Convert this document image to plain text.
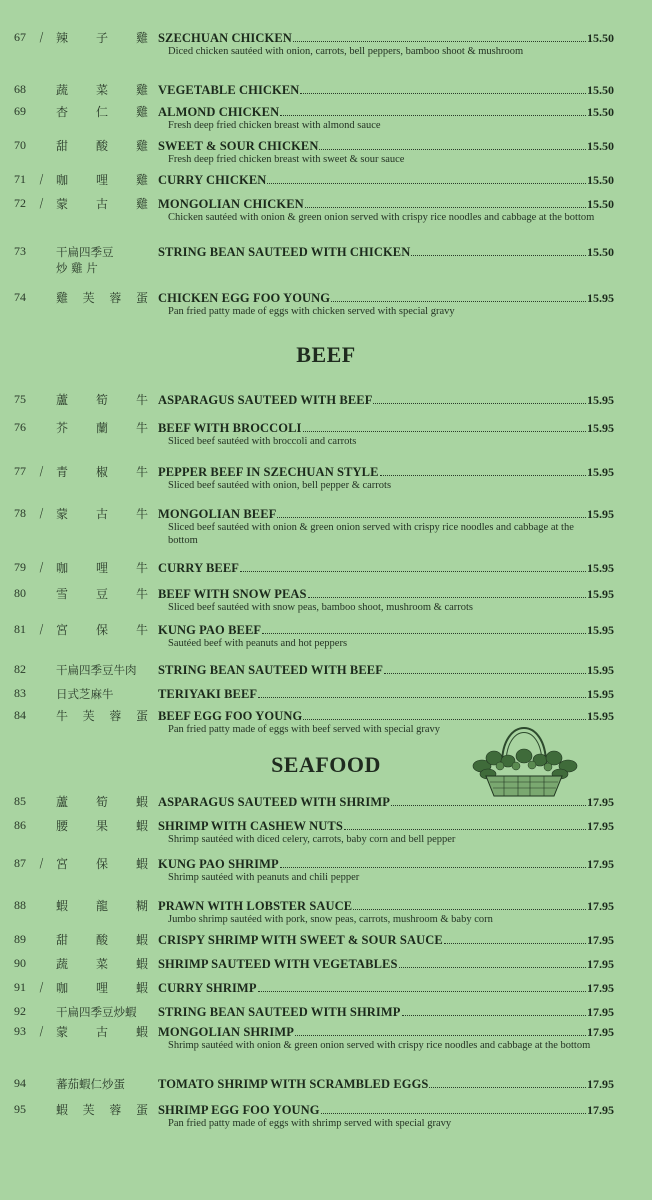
67 ⟋ 辣 子 雞 SZECHUAN CHICKEN	15.50
Diced chicken sautéed with onion, carrots, bell peppers, bamboo shoot & mushroom
68	蔬 菜 雞 VEGETABLE CHICKEN	15.50
69	杏 仁 雞 ALMOND CHICKEN	15.50
Fresh deep fried chicken breast with almond sauce
70	甜 酸 雞 SWEET & SOUR CHICKEN	15.50
Fresh deep fried chicken breast with sweet & sour sauce
71 ⟋ 咖 哩 雞 CURRY CHICKEN	15.50
72 ⟋ 蒙 古 雞 MONGOLIAN CHICKEN	15.50
Chicken sautéed with onion & green onion served with crispy rice noodles and cabbage at the bottom
73	干扁四季豆
炒 雞 片
STRING BEAN SAUTEED WITH CHICKEN	15.50
74	雞 芙 蓉 蛋 CHICKEN EGG FOO YOUNG	15.95
Pan fried patty made of eggs with chicken served with special gravy
75	蘆 筍 牛 ASPARAGUS SAUTEED WITH BEEF	15.95
76	芥 蘭 牛 BEEF WITH BROCCOLI	15.95
Sliced beef sautéed with broccoli and carrots
77 ⟋ 青 椒 牛 PEPPER BEEF IN SZECHUAN STYLE	15.95
Sliced beef sautéed with onion, bell pepper & carrots
78 ⟋ 蒙 古 牛 MONGOLIAN BEEF	15.95
Sliced beef sautéed with onion & green onion served with crispy rice noodles and cabbage at the bottom
79 ⟋ 咖 哩 牛 CURRY BEEF	15.95
80	雪 豆 牛 BEEF WITH SNOW PEAS	15.95
Sliced beef sautéed with snow peas, bamboo shoot, mushroom & carrots
81 ⟋ 宮 保 牛 KUNG PAO BEEF	15.95
Sautéed beef with peanuts and hot peppers
82	干扁四季豆牛肉	STRING BEAN SAUTEED WITH BEEF	15.95
83	日式芝麻牛	TERIYAKI BEEF	15.95
84	牛 芙 蓉 蛋 BEEF EGG FOO YOUNG	15.95
Pan fried patty made of eggs with beef served with special gravy
85	蘆 筍 蝦 ASPARAGUS SAUTEED WITH SHRIMP	17.95
86	腰 果 蝦 SHRIMP WITH CASHEW NUTS	17.95
Shrimp sautéed with diced celery, carrots, baby corn and bell pepper
87 ⟋ 宮 保 蝦 KUNG PAO SHRIMP	17.95
Shrimp sautéed with peanuts and chili pepper
88	蝦 龍 糊 PRAWN WITH LOBSTER SAUCE	17.95
Jumbo shrimp sautéed with pork, snow peas, carrots, mushroom & baby corn
89	甜 酸 蝦 CRISPY SHRIMP WITH SWEET & SOUR SAUCE	17.95
90	蔬 菜 蝦 SHRIMP SAUTEED WITH VEGETABLES	17.95
91 ⟋ 咖 哩 蝦 CURRY SHRIMP	17.95
92	干扁四季豆炒蝦	STRING BEAN SAUTEED WITH SHRIMP	17.95
93 ⟋ 蒙 古 蝦 MONGOLIAN SHRIMP	17.95
Shrimp sautéed with onion & green onion served with crispy rice noodles and cabbage at the bottom
94	蕃茄蝦仁炒蛋	TOMATO SHRIMP WITH SCRAMBLED EGGS	17.95
95	蝦 芙 蓉 蛋 SHRIMP EGG FOO YOUNG	17.95
Pan fried patty made of eggs with shrimp served with special gravy
BEEF
SEAFOOD
